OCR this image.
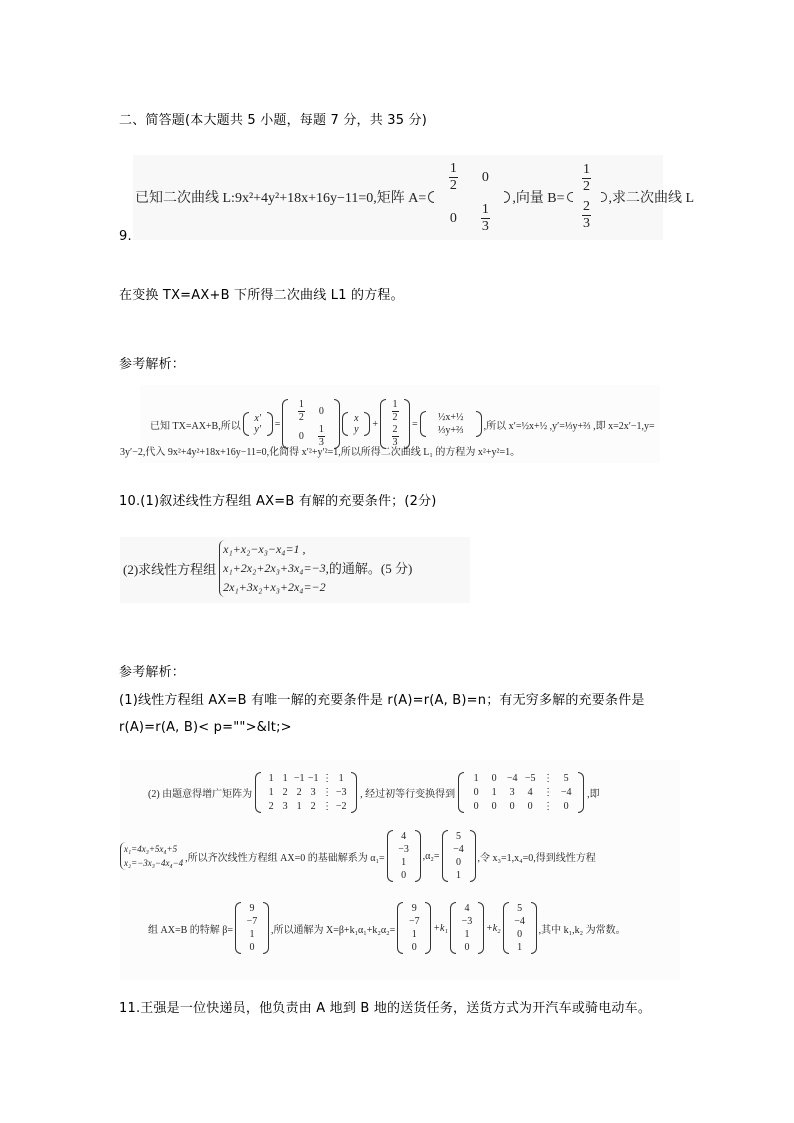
二、简答题(本大题共 5 小题，每题 7 分，共 35 分)
已知二次曲线 L:9x²+4y²+18x+16y−11=0,矩阵 A=
$\frac{1}{2} 0$
$0 \frac{1}{3}$
,向量 B=
$\frac{1}{2}$
$\frac{2}{3}$
,求二次曲线 L
9.
在变换 TX=AX+B 下所得二次曲线 L1 的方程。
参考解析：
已知 TX=AX+B,所以
x′
y′ =
$\frac{1}{2} 0$
$0 \frac{1}{3}$
x
y +
$\frac{1}{2}$
$\frac{2}{3}$
=
½x+½
⅓y+⅔ ,所以 x′=½x+½ ,y′=⅓y+⅔ ,即 x=2x′−1,y=
3y′−2,代入 9x²+4y²+18x+16y−11=0,化简得 x′²+y′²=1,所以所得二次曲线 L₁ 的方程为 x²+y²=1。
10.(1)叙述线性方程组 AX=B 有解的充要条件；(2分)
(2)求线性方程组
x₁+x₂−x₃−x₄=1 ,
x₁+2x₂+2x₃+3x₄=−3 ,的通解。(5 分)
2x₁+3x₂+x₃+2x₄=−2
参考解析：
(1)线性方程组 AX=B 有唯一解的充要条件是 r(A)=r(A, B)=n；有无穷多解的充要条件是
r(A)=r(A, B)< p="">&lt;>
(2) 由题意得增广矩阵为
1 1 −1 −1 ⋮ 1
1 2 2 3 ⋮ −3
2 3 1 2 ⋮ −2
, 经过初等行变换得到
1 0 −4 −5 ⋮ 5
0 1 3 4 ⋮ −4
0 0 0 0 ⋮ 0
,即
x₁=4x₃+5x₄+5
x₂=−3x₃−4x₄−4 ,所以齐次线性方程组 AX=0 的基础解系为 α₁=
4
−3
1
0
,α₂=
5
−4
0
1
,令 x₃=1,x₄=0,得到线性方程
组 AX=B 的特解 β=
9
−7
1
0
,所以通解为 X=β+k₁α₁+k₂α₂=
9
−7
1
0
+k₁
4
−3
1
0
+k₂
5
−4
0
1
,其中 k₁,k₂ 为常数。
11.王强是一位快递员，他负责由 A 地到 B 地的送货任务，送货方式为开汽车或骑电动车。
